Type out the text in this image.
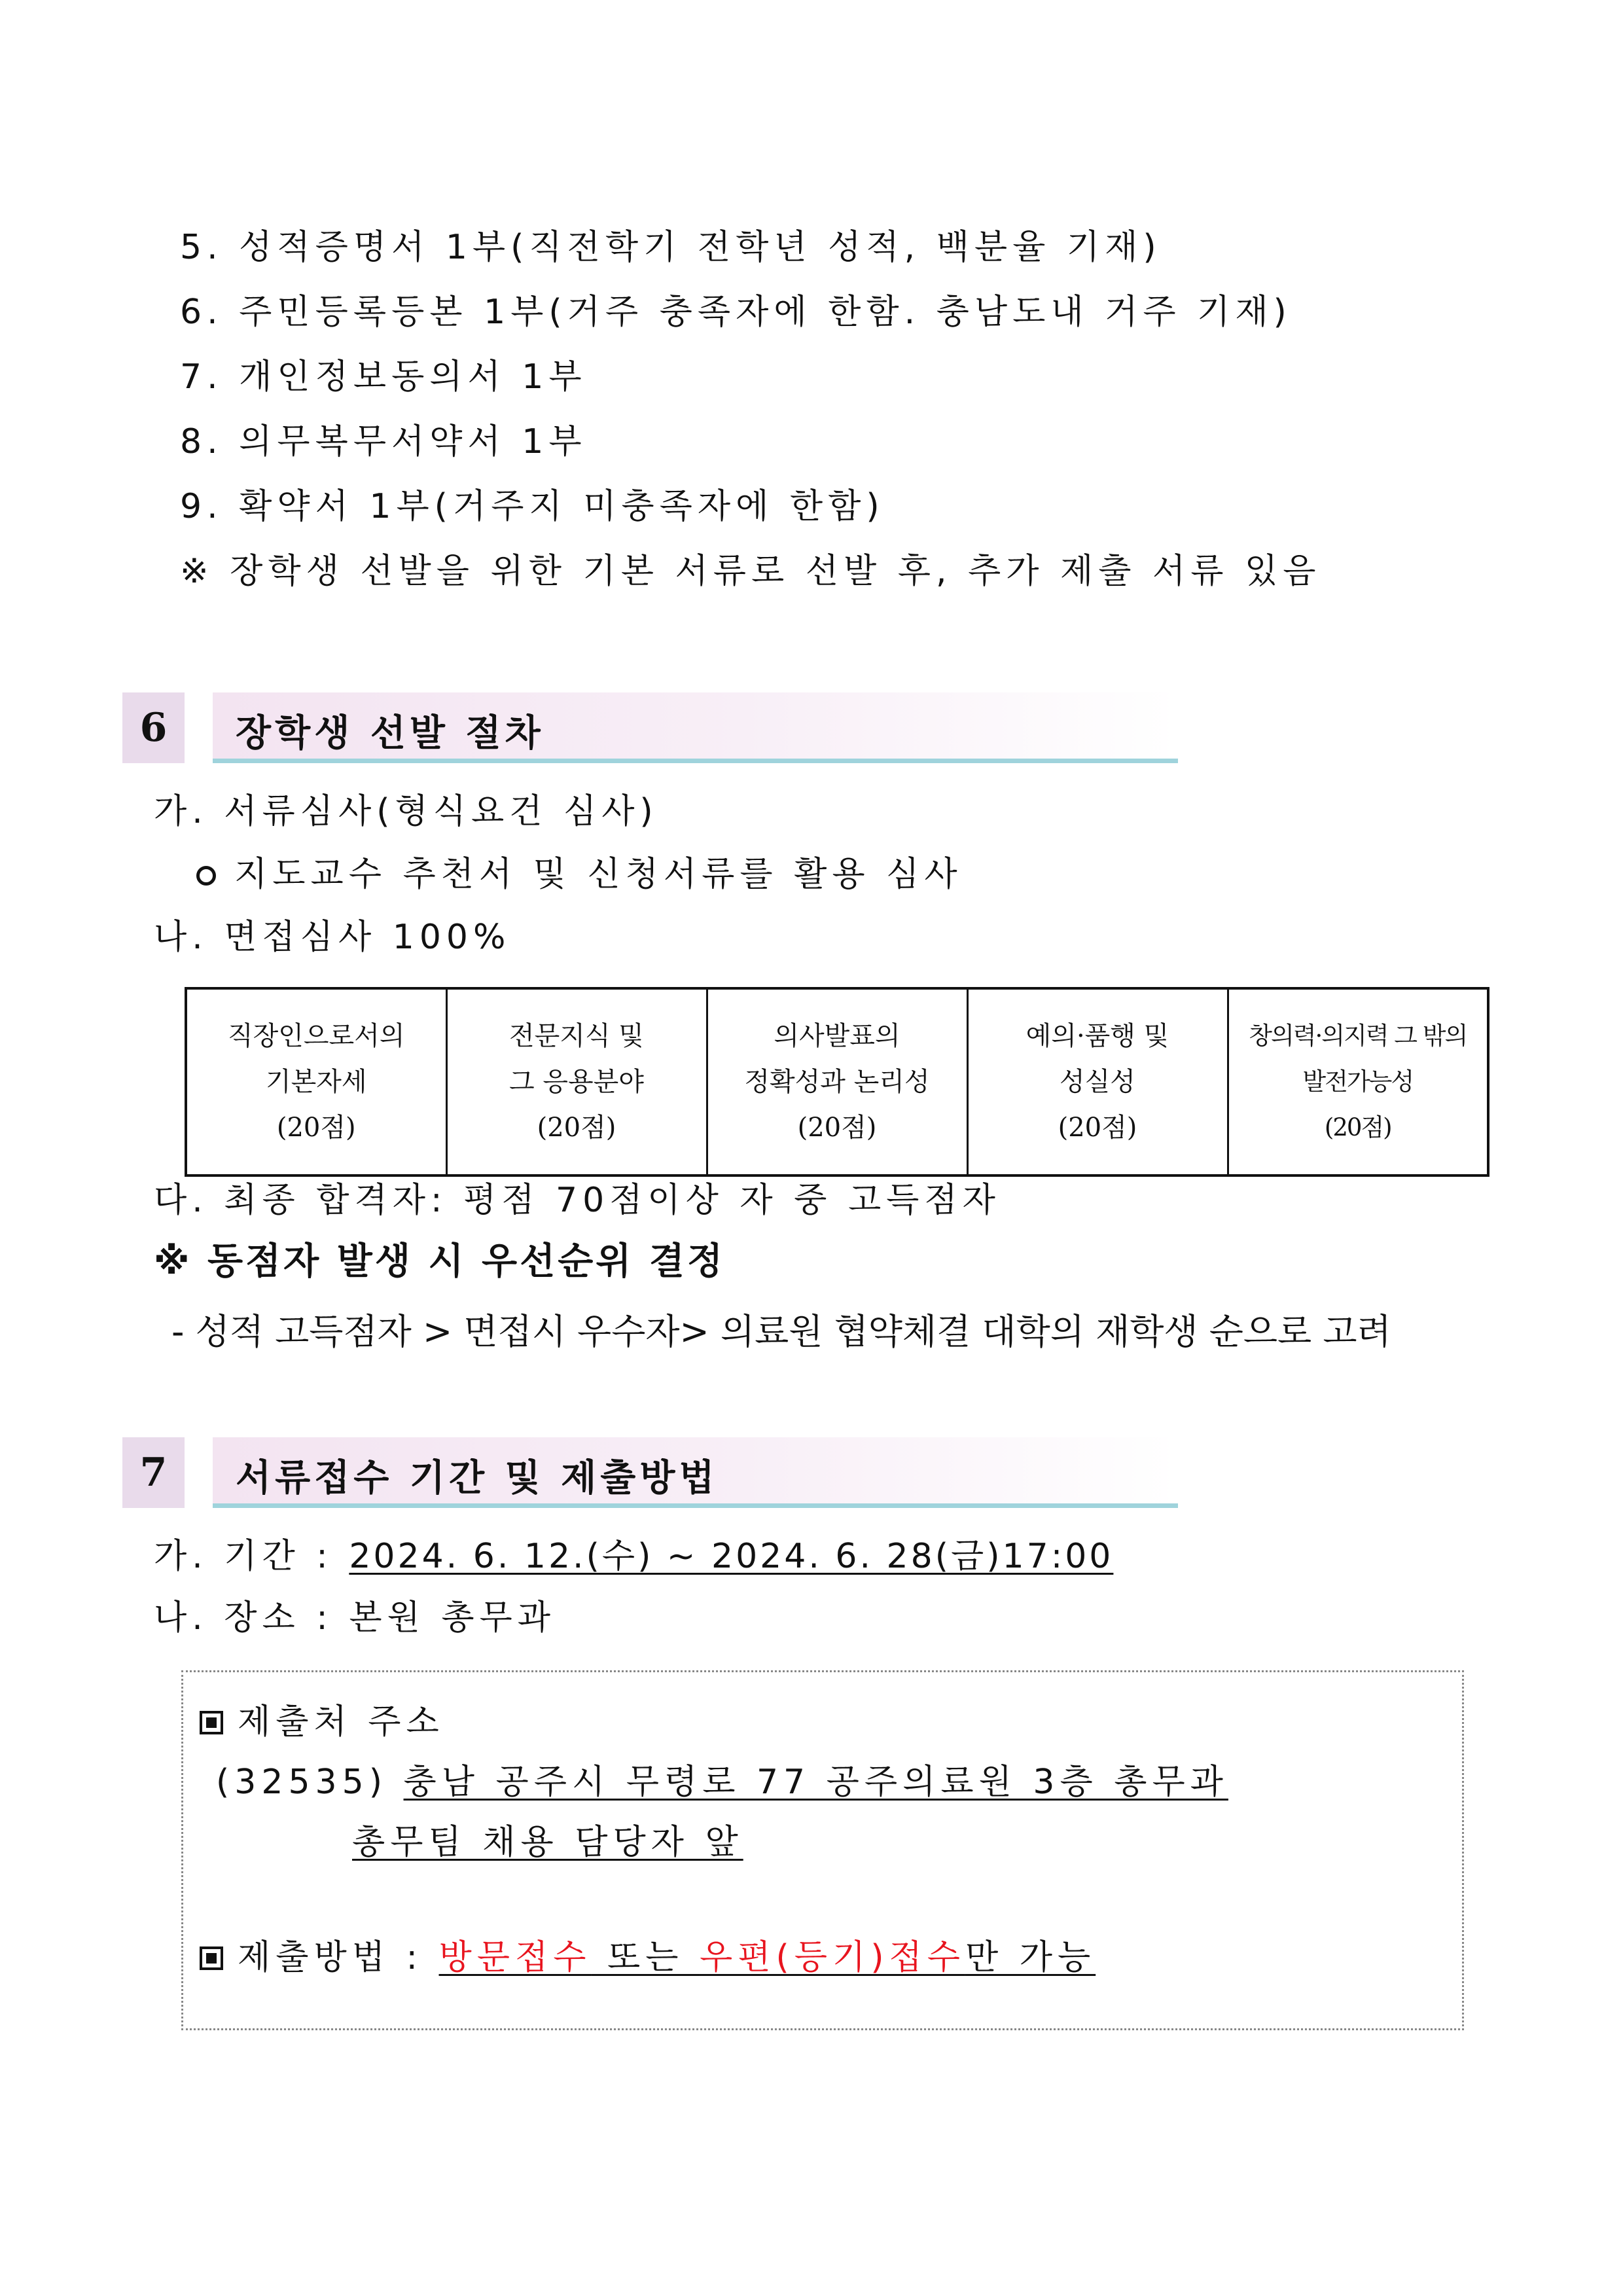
5. 성적증명서 1부(직전학기 전학년 성적, 백분율 기재)
6. 주민등록등본 1부(거주 충족자에 한함. 충남도내 거주 기재)
7. 개인정보동의서 1부
8. 의무복무서약서 1부
9. 확약서 1부(거주지 미충족자에 한함)
※ 장학생 선발을 위한 기본 서류로 선발 후, 추가 제출 서류 있음
6	장학생 선발 절차
가. 서류심사(형식요건 심사)
지도교수 추천서 및 신청서류를 활용 심사
나. 면접심사 100%
직장인으로서의
기본자세
(20점)	전문지식 및
그 응용분야
(20점)	의사발표의
정확성과 논리성
(20점)	예의·품행 및
성실성
(20점)	창의력·의지력 그 밖의
발전가능성
(20점)
다. 최종 합격자: 평점 70점이상 자 중 고득점자
※ 동점자 발생 시 우선순위 결정
- 성적 고득점자 > 면접시 우수자> 의료원 협약체결 대학의 재학생 순으로 고려
7	서류접수 기간 및 제출방법
가. 기간 : 2024. 6. 12.(수) ~ 2024. 6. 28(금)17:00
나. 장소 : 본원 총무과
제출처 주소
(32535) 충남 공주시 무령로 77 공주의료원 3층 총무과
총무팀 채용 담당자 앞
제출방법 : 방문접수 또는 우편(등기)접수만 가능
